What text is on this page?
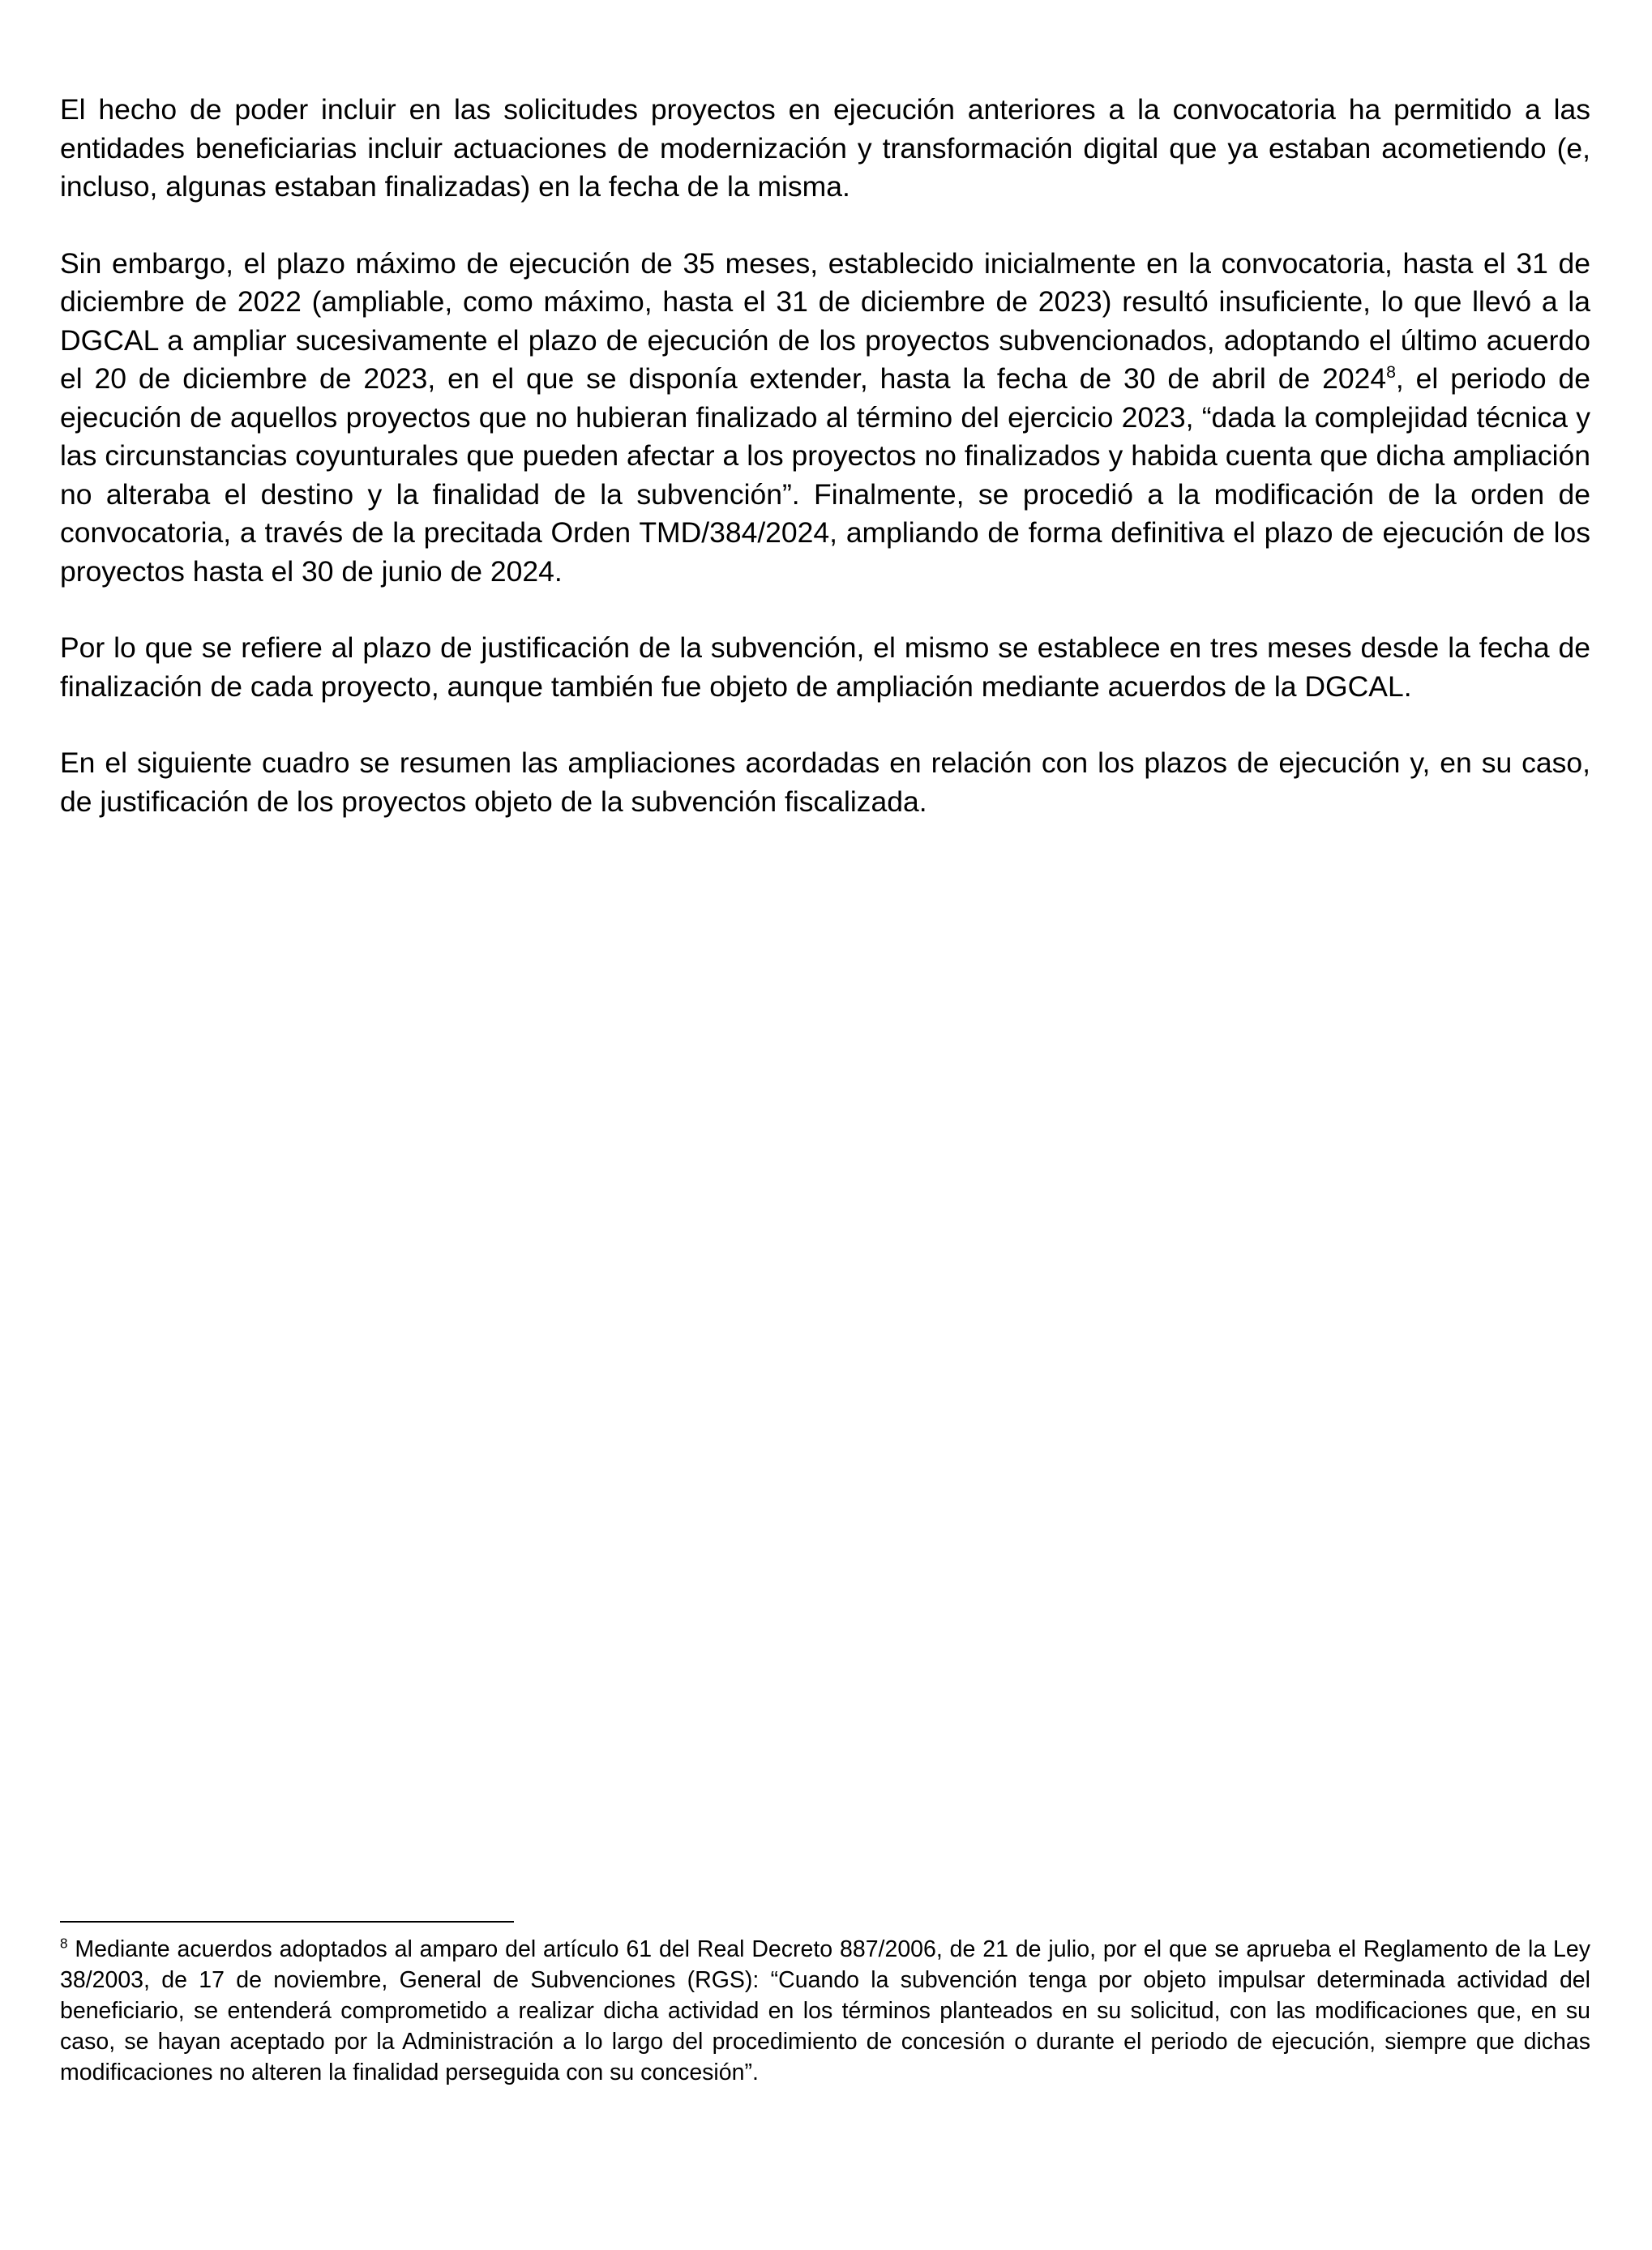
El hecho de poder incluir en las solicitudes proyectos en ejecución anteriores a la convocatoria ha permitido a las entidades beneficiarias incluir actuaciones de modernización y transformación digital que ya estaban acometiendo (e, incluso, algunas estaban finalizadas) en la fecha de la misma.

Sin embargo, el plazo máximo de ejecución de 35 meses, establecido inicialmente en la convocatoria, hasta el 31 de diciembre de 2022 (ampliable, como máximo, hasta el 31 de diciembre de 2023) resultó insuficiente, lo que llevó a la DGCAL a ampliar sucesivamente el plazo de ejecución de los proyectos subvencionados, adoptando el último acuerdo el 20 de diciembre de 2023, en el que se disponía extender, hasta la fecha de 30 de abril de 2024$^8$, el periodo de ejecución de aquellos proyectos que no hubieran finalizado al término del ejercicio 2023, “dada la complejidad técnica y las circunstancias coyunturales que pueden afectar a los proyectos no finalizados y habida cuenta que dicha ampliación no alteraba el destino y la finalidad de la subvención”. Finalmente, se procedió a la modificación de la orden de convocatoria, a través de la precitada Orden TMD/384/2024, ampliando de forma definitiva el plazo de ejecución de los proyectos hasta el 30 de junio de 2024.

Por lo que se refiere al plazo de justificación de la subvención, el mismo se establece en tres meses desde la fecha de finalización de cada proyecto, aunque también fue objeto de ampliación mediante acuerdos de la DGCAL.

En el siguiente cuadro se resumen las ampliaciones acordadas en relación con los plazos de ejecución y, en su caso, de justificación de los proyectos objeto de la subvención fiscalizada.

$^8$ Mediante acuerdos adoptados al amparo del artículo 61 del Real Decreto 887/2006, de 21 de julio, por el que se aprueba el Reglamento de la Ley 38/2003, de 17 de noviembre, General de Subvenciones (RGS): “Cuando la subvención tenga por objeto impulsar determinada actividad del beneficiario, se entenderá comprometido a realizar dicha actividad en los términos planteados en su solicitud, con las modificaciones que, en su caso, se hayan aceptado por la Administración a lo largo del procedimiento de concesión o durante el periodo de ejecución, siempre que dichas modificaciones no alteren la finalidad perseguida con su concesión”.
